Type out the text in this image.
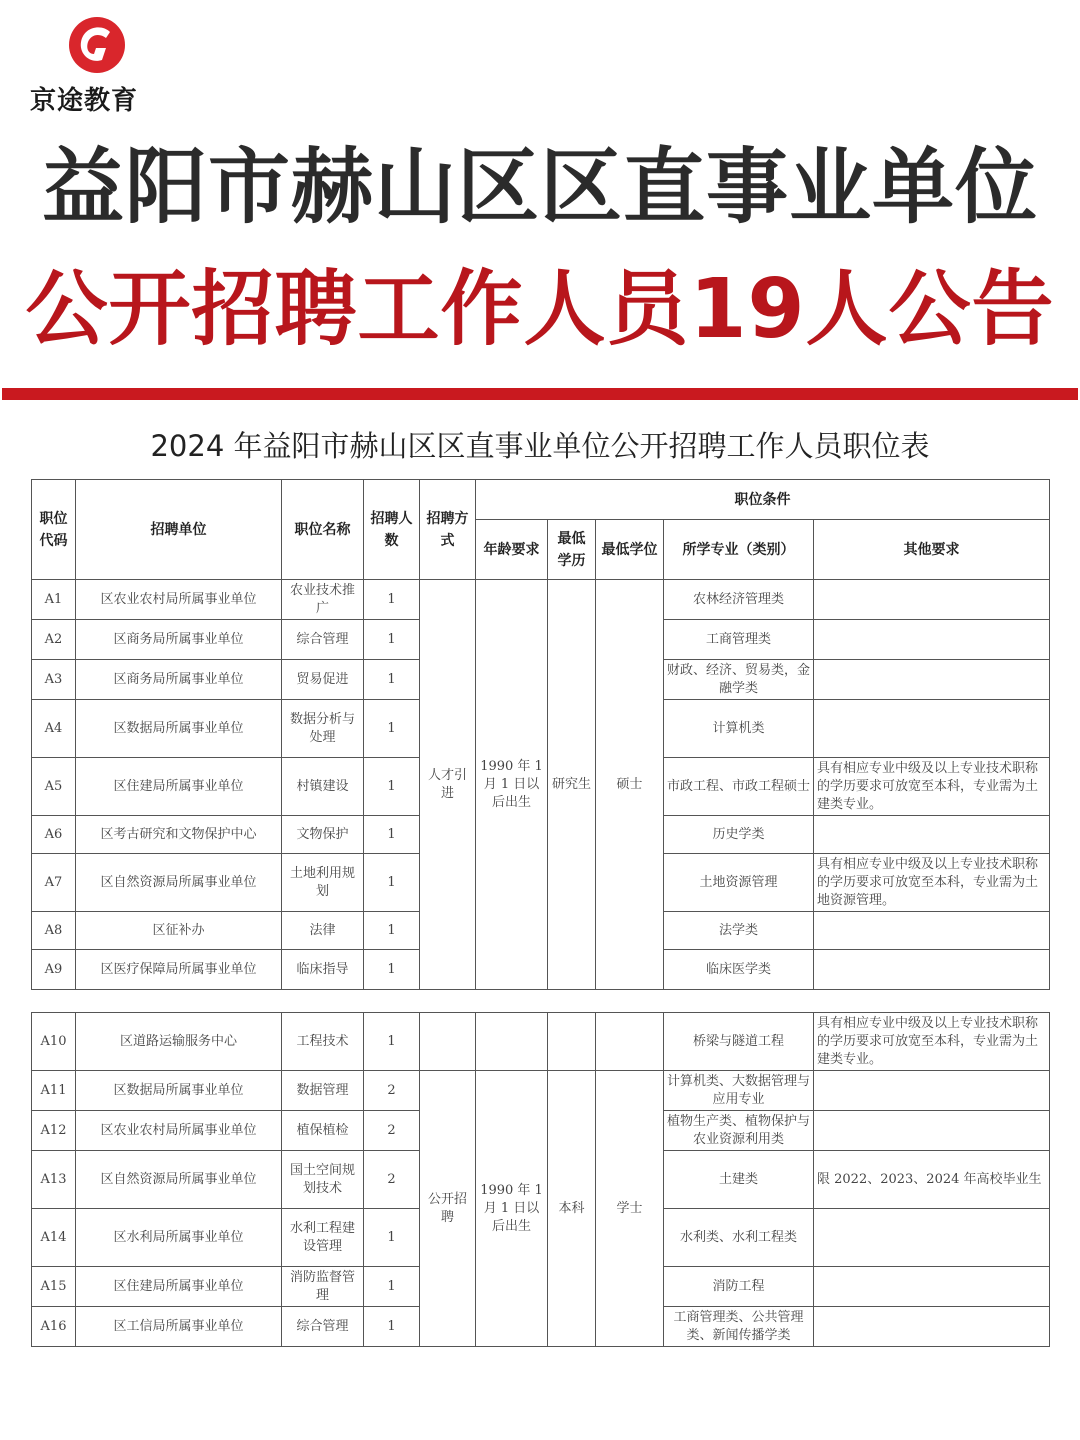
京途教育
益阳市赫山区区直事业单位
公开招聘工作人员19人公告
2024 年益阳市赫山区区直事业单位公开招聘工作人员职位表
职位代码	招聘单位	职位名称	招聘人数	招聘方式	职位条件				
					年龄要求	最低学历	最低学位	所学专业（类别）	其他要求
A1	区农业农村局所属事业单位	农业技术推广	1	人才引进	1990 年 1 月 1 日以后出生	研究生	硕士	农林经济管理类	
A2	区商务局所属事业单位	综合管理	1					工商管理类	
A3	区商务局所属事业单位	贸易促进	1					财政、经济、贸易类，金融学类	
A4	区数据局所属事业单位	数据分析与处理	1					计算机类	
A5	区住建局所属事业单位	村镇建设	1					市政工程、市政工程硕士	具有相应专业中级及以上专业技术职称的学历要求可放宽至本科，专业需为土建类专业。
A6	区考古研究和文物保护中心	文物保护	1					历史学类	
A7	区自然资源局所属事业单位	土地利用规划	1					土地资源管理	具有相应专业中级及以上专业技术职称的学历要求可放宽至本科，专业需为土地资源管理。
A8	区征补办	法律	1					法学类	
A9	区医疗保障局所属事业单位	临床指导	1					临床医学类	
A10	区道路运输服务中心	工程技术	1					桥梁与隧道工程	具有相应专业中级及以上专业技术职称的学历要求可放宽至本科，专业需为土建类专业。
A11	区数据局所属事业单位	数据管理	2	公开招聘	1990 年 1 月 1 日以后出生	本科	学士	计算机类、大数据管理与应用专业	
A12	区农业农村局所属事业单位	植保植检	2					植物生产类、植物保护与农业资源利用类	
A13	区自然资源局所属事业单位	国土空间规划技术	2					土建类	限 2022、2023、2024 年高校毕业生
A14	区水利局所属事业单位	水利工程建设管理	1					水利类、水利工程类	
A15	区住建局所属事业单位	消防监督管理	1					消防工程	
A16	区工信局所属事业单位	综合管理	1					工商管理类、公共管理类、新闻传播学类	
